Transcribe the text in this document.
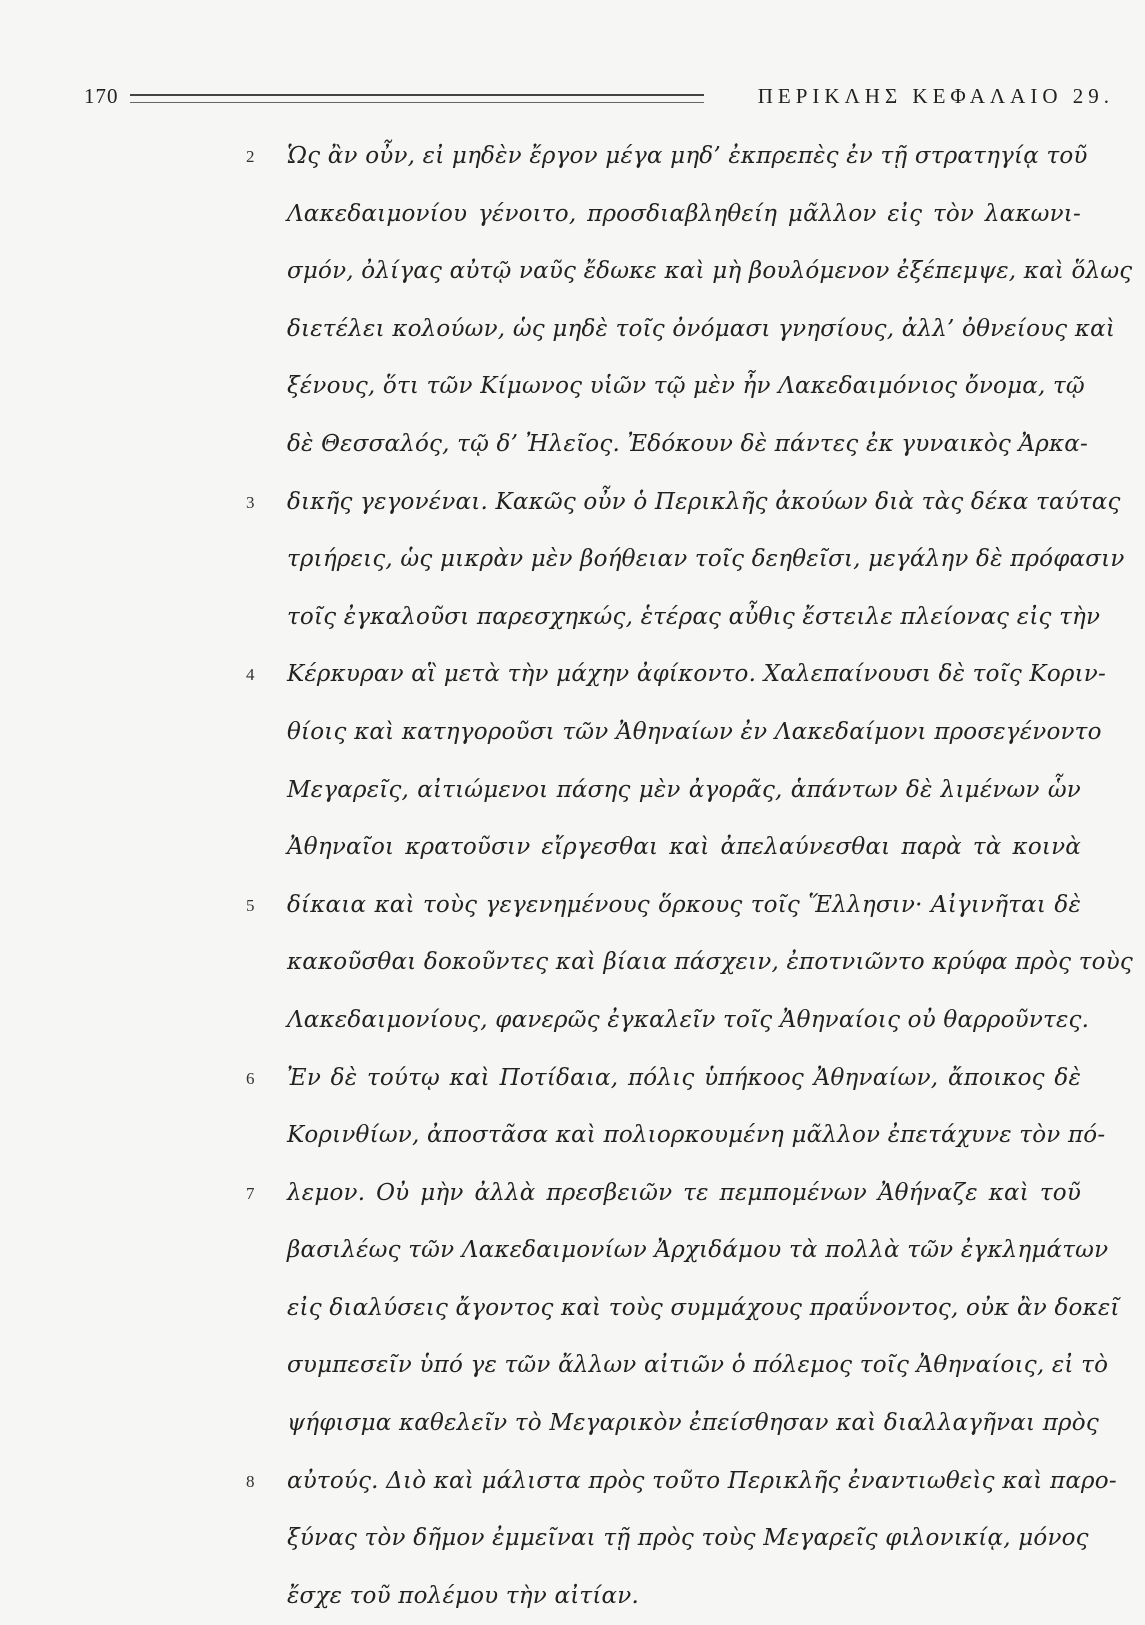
170	ΠΕΡΙΚΛΗΣ ΚΕΦΑΛΑΙΟ 29.
2	Ὡς ἂν οὖν, εἰ μηδὲν ἔργον μέγα μηδ’ ἐκπρεπὲς ἐν τῇ στρατηγίᾳ τοῦ
Λακεδαιμονίου γένοιτο, προσδιαβληθείη μᾶλλον εἰς τὸν λακωνι-
σμόν, ὀλίγας αὐτῷ ναῦς ἔδωκε καὶ μὴ βουλόμενον ἐξέπεμψε, καὶ ὅλως
διετέλει κολούων, ὡς μηδὲ τοῖς ὀνόμασι γνησίους, ἀλλ’ ὀθνείους καὶ
ξένους, ὅτι τῶν Κίμωνος υἱῶν τῷ μὲν ἦν Λακεδαιμόνιος ὄνομα, τῷ
δὲ Θεσσαλός, τῷ δ’ Ἠλεῖος. Ἐδόκουν δὲ πάντες ἐκ γυναικὸς Ἀρκα-
3	δικῆς γεγονέναι. Κακῶς οὖν ὁ Περικλῆς ἀκούων διὰ τὰς δέκα ταύτας
τριήρεις, ὡς μικρὰν μὲν βοήθειαν τοῖς δεηθεῖσι, μεγάλην δὲ πρόφασιν
τοῖς ἐγκαλοῦσι παρεσχηκώς, ἑτέρας αὖθις ἔστειλε πλείονας εἰς τὴν
4	Κέρκυραν αἳ μετὰ τὴν μάχην ἀφίκοντο. Χαλεπαίνουσι δὲ τοῖς Κοριν-
θίοις καὶ κατηγοροῦσι τῶν Ἀθηναίων ἐν Λακεδαίμονι προσεγένοντο
Μεγαρεῖς, αἰτιώμενοι πάσης μὲν ἀγορᾶς, ἁπάντων δὲ λιμένων ὧν
Ἀθηναῖοι κρατοῦσιν εἴργεσθαι καὶ ἀπελαύνεσθαι παρὰ τὰ κοινὰ
5	δίκαια καὶ τοὺς γεγενημένους ὅρκους τοῖς Ἕλλησιν· Αἰγινῆται δὲ
κακοῦσθαι δοκοῦντες καὶ βίαια πάσχειν, ἐποτνιῶντο κρύφα πρὸς τοὺς
Λακεδαιμονίους, φανερῶς ἐγκαλεῖν τοῖς Ἀθηναίοις οὐ θαρροῦντες.
6	Ἐν δὲ τούτῳ καὶ Ποτίδαια, πόλις ὑπήκοος Ἀθηναίων, ἄποικος δὲ
Κορινθίων, ἀποστᾶσα καὶ πολιορκουμένη μᾶλλον ἐπετάχυνε τὸν πό-
7	λεμον. Οὐ μὴν ἀλλὰ πρεσβειῶν τε πεμπομένων Ἀθήναζε καὶ τοῦ
βασιλέως τῶν Λακεδαιμονίων Ἀρχιδάμου τὰ πολλὰ τῶν ἐγκλημάτων
εἰς διαλύσεις ἄγοντος καὶ τοὺς συμμάχους πραΰνοντος, οὐκ ἂν δοκεῖ
συμπεσεῖν ὑπό γε τῶν ἄλλων αἰτιῶν ὁ πόλεμος τοῖς Ἀθηναίοις, εἰ τὸ
ψήφισμα καθελεῖν τὸ Μεγαρικὸν ἐπείσθησαν καὶ διαλλαγῆναι πρὸς
8	αὐτούς. Διὸ καὶ μάλιστα πρὸς τοῦτο Περικλῆς ἐναντιωθεὶς καὶ παρο-
ξύνας τὸν δῆμον ἐμμεῖναι τῇ πρὸς τοὺς Μεγαρεῖς φιλονικίᾳ, μόνος
ἔσχε τοῦ πολέμου τὴν αἰτίαν.
